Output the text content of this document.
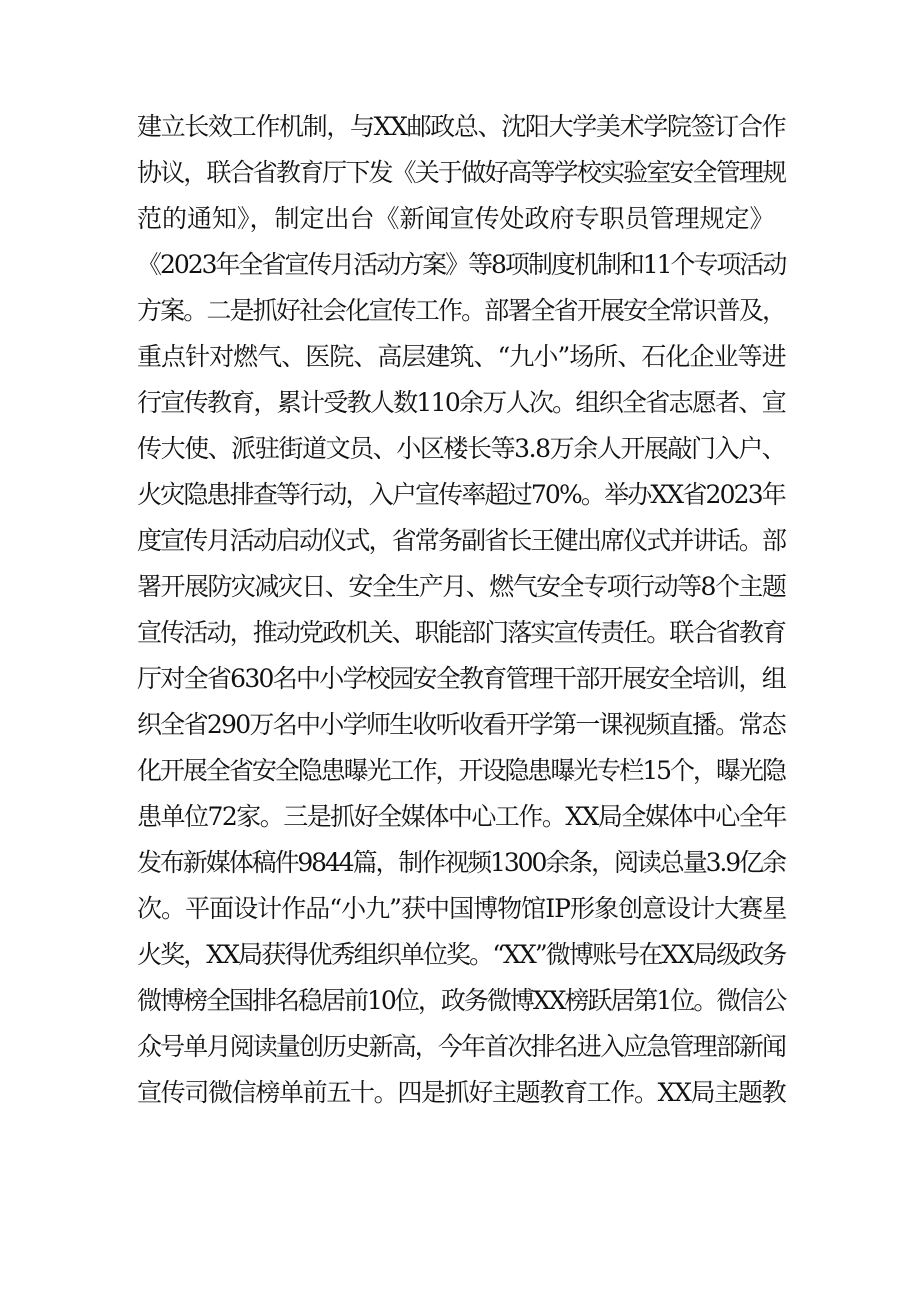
建立长效工作机制，与XX邮政总、沈阳大学美术学院签订合作
协议，联合省教育厅下发《关于做好高等学校实验室安全管理规
范的通知》，制定出台《新闻宣传处政府专职员管理规定》
《2023年全省宣传月活动方案》等8项制度机制和11个专项活动
方案。二是抓好社会化宣传工作。部署全省开展安全常识普及，
重点针对燃气、医院、高层建筑、“九小”场所、石化企业等进
行宣传教育，累计受教人数110余万人次。组织全省志愿者、宣
传大使、派驻街道文员、小区楼长等3.8万余人开展敲门入户、
火灾隐患排查等行动，入户宣传率超过70%。举办XX省2023年
度宣传月活动启动仪式，省常务副省长王健出席仪式并讲话。部
署开展防灾减灾日、安全生产月、燃气安全专项行动等8个主题
宣传活动，推动党政机关、职能部门落实宣传责任。联合省教育
厅对全省630名中小学校园安全教育管理干部开展安全培训，组
织全省290万名中小学师生收听收看开学第一课视频直播。常态
化开展全省安全隐患曝光工作，开设隐患曝光专栏15个，曝光隐
患单位72家。三是抓好全媒体中心工作。XX局全媒体中心全年
发布新媒体稿件9844篇，制作视频1300余条，阅读总量3.9亿余
次。平面设计作品“小九”获中国博物馆IP形象创意设计大赛星
火奖，XX局获得优秀组织单位奖。“XX”微博账号在XX局级政务
微博榜全国排名稳居前10位，政务微博XX榜跃居第1位。微信公
众号单月阅读量创历史新高，今年首次排名进入应急管理部新闻
宣传司微信榜单前五十。四是抓好主题教育工作。XX局主题教
